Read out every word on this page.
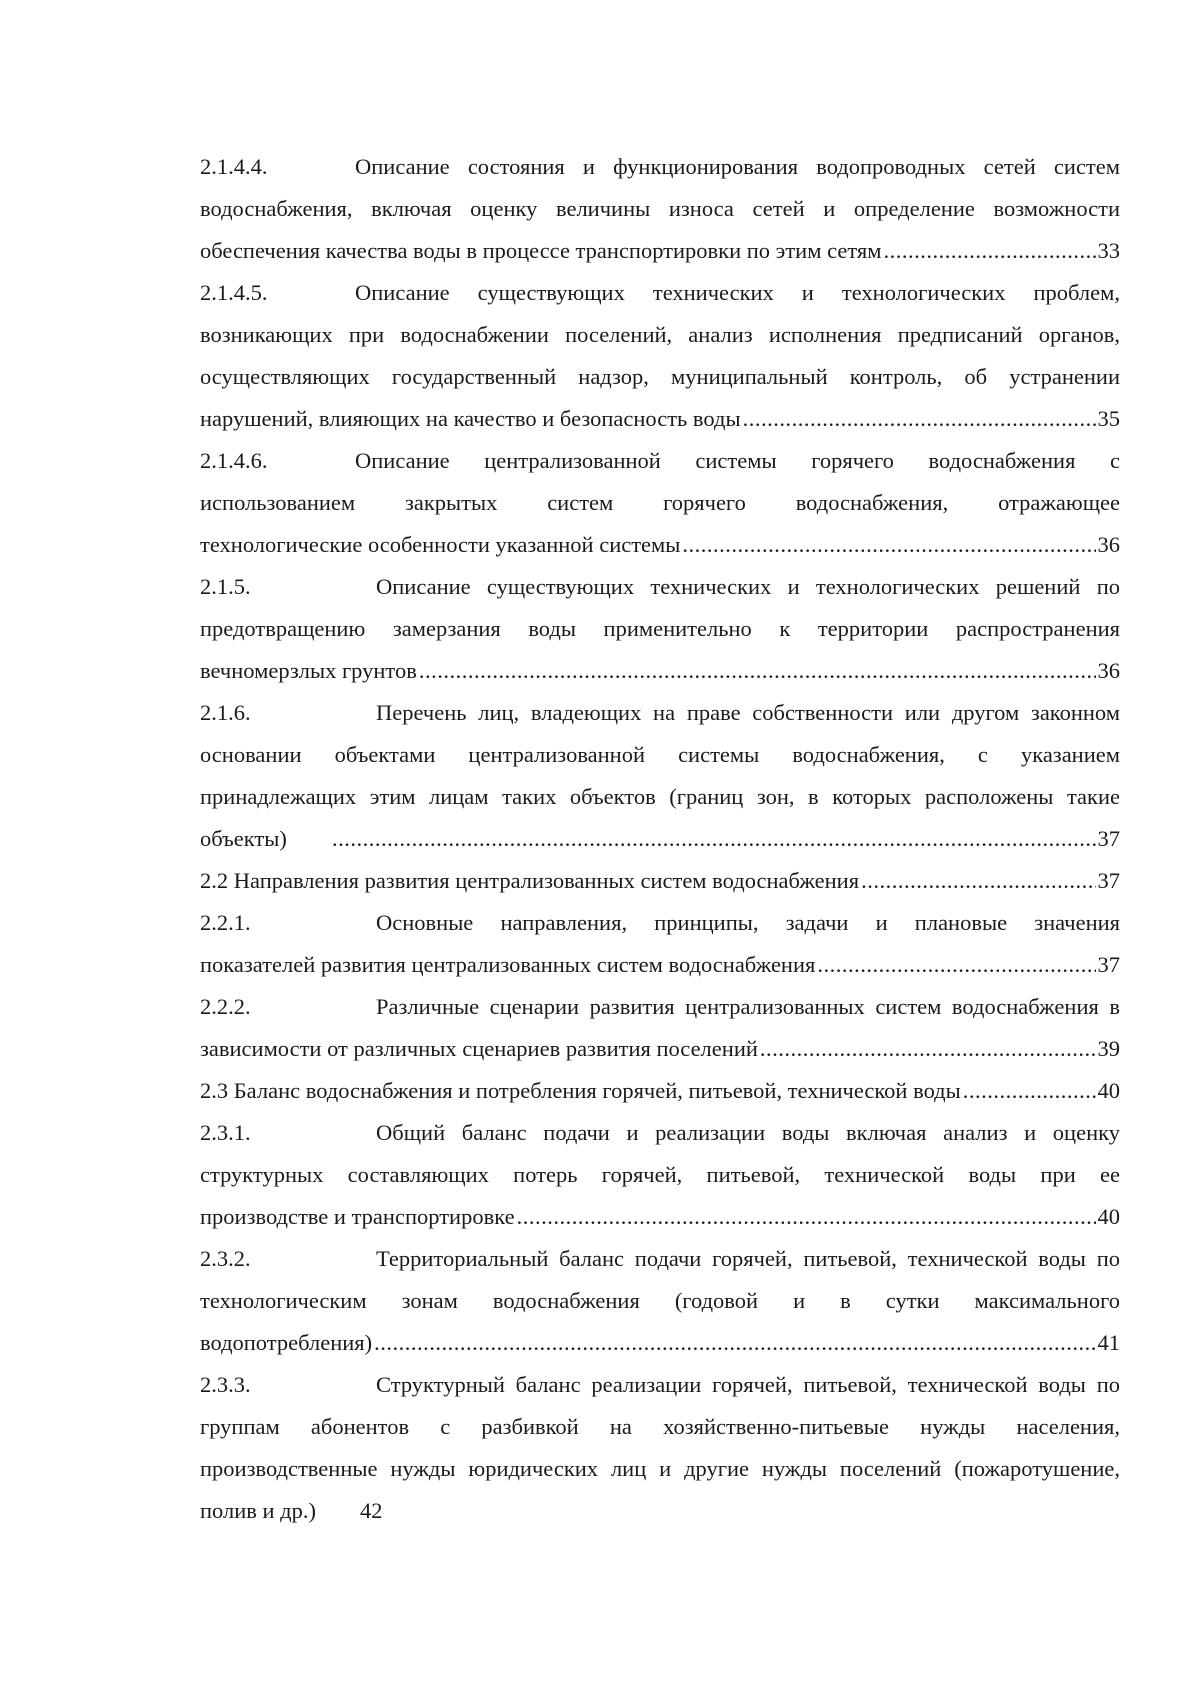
2.1.4.4.	Описание состояния и функционирования водопроводных сетей систем
водоснабжения, включая оценку величины износа сетей и определение возможности
обеспечения качества воды в процессе транспортировки по этим сетям .....	33
2.1.4.5.	Описание существующих технических и технологических проблем,
возникающих при водоснабжении поселений, анализ исполнения предписаний органов,
осуществляющих государственный надзор, муниципальный контроль, об устранении
нарушений, влияющих на качество и безопасность воды .....	35
2.1.4.6.	Описание централизованной системы горячего водоснабжения с
использованием закрытых систем горячего водоснабжения, отражающее
технологические особенности указанной системы .....	36
2.1.5.	Описание существующих технических и технологических решений по
предотвращению замерзания воды применительно к территории распространения
вечномерзлых грунтов .....	36
2.1.6.	Перечень лиц, владеющих на праве собственности или другом законном
основании объектами централизованной системы водоснабжения, с указанием
принадлежащих этим лицам таких объектов (границ зон, в которых расположены такие
объекты) .....	37
2.2 Направления развития централизованных систем водоснабжения .....	37
2.2.1.	Основные направления, принципы, задачи и плановые значения
показателей развития централизованных систем водоснабжения .....	37
2.2.2.	Различные сценарии развития централизованных систем водоснабжения в
зависимости от различных сценариев развития поселений .....	39
2.3 Баланс водоснабжения и потребления горячей, питьевой, технической воды .....	40
2.3.1.	Общий баланс подачи и реализации воды включая анализ и оценку
структурных составляющих потерь горячей, питьевой, технической воды при ее
производстве и транспортировке .....	40
2.3.2.	Территориальный баланс подачи горячей, питьевой, технической воды по
технологическим зонам водоснабжения (годовой и в сутки максимального
водопотребления) .....	41
2.3.3.	Структурный баланс реализации горячей, питьевой, технической воды по
группам абонентов с разбивкой на хозяйственно-питьевые нужды населения,
производственные нужды юридических лиц и другие нужды поселений (пожаротушение,
полив и др.) 42
